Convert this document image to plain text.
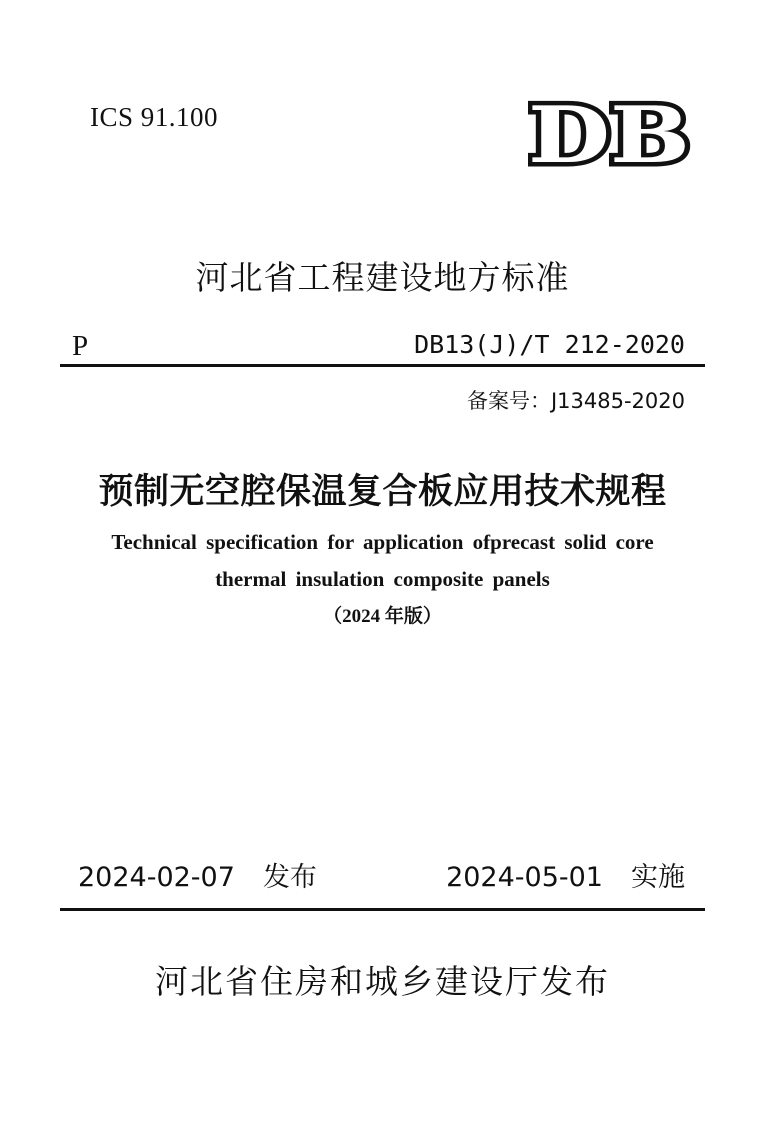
ICS 91.100	DB
河北省工程建设地方标准
P	DB13(J)/T 212-2020
备案号：J13485-2020
预制无空腔保温复合板应用技术规程
Technical specification for application ofprecast solid core
thermal insulation composite panels
（2024 年版）
2024-02-07 发布	2024-05-01 实施
河北省住房和城乡建设厅发布
